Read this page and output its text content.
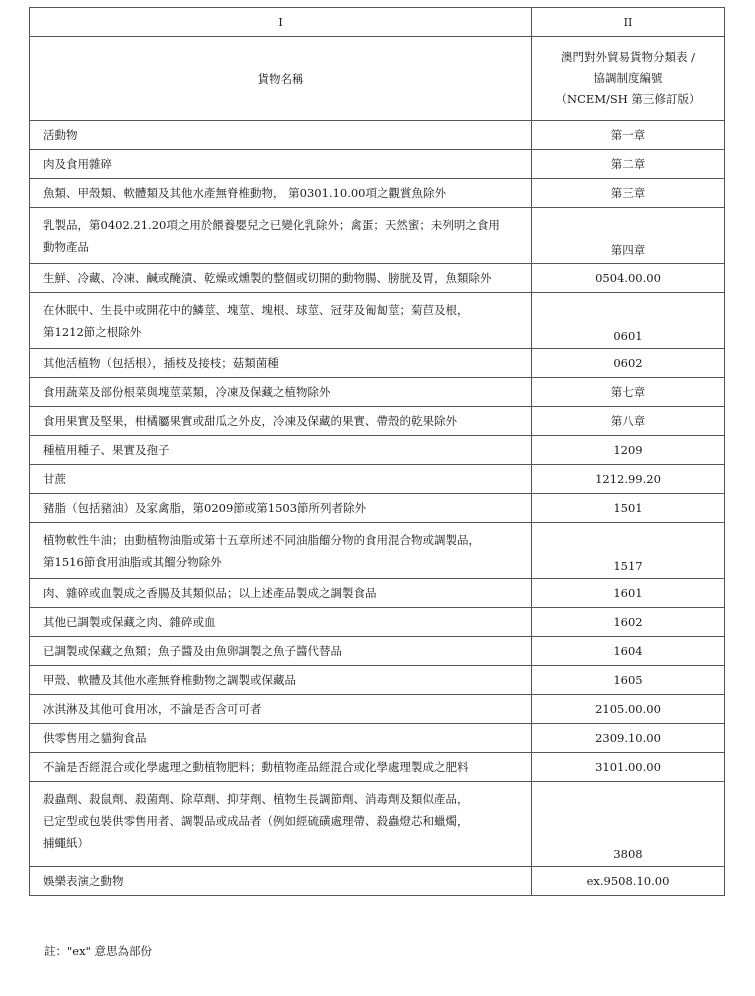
I	II
貨物名稱	澳門對外貿易貨物分類表 /
協調制度編號
（NCEM/SH 第三修訂版）

活動物	第一章

肉及食用雜碎	第二章

魚類、甲殼類、軟體類及其他水產無脊椎動物， 第0301.10.00項之觀賞魚除外	第三章

乳製品，第0402.21.20項之用於餵養嬰兒之已變化乳除外；禽蛋；天然蜜；未列明之食用
動物產品	第四章

生鮮、冷藏、冷凍、鹹或醃漬、乾燥或燻製的整個或切開的動物腸、膀胱及胃，魚類除外	0504.00.00

在休眠中、生長中或開花中的鱗莖、塊莖、塊根、球莖、冠芽及匍匐莖；菊苣及根，
第1212節之根除外	0601

其他活植物（包括根），插枝及接枝；菇類菌種	0602

食用蔬菜及部份根菜與塊莖菜類，冷凍及保藏之植物除外	第七章

食用果實及堅果，柑橘屬果實或甜瓜之外皮，冷凍及保藏的果實、帶殼的乾果除外	第八章

種植用種子、果實及孢子	1209

甘蔗	1212.99.20

豬脂（包括豬油）及家禽脂，第0209節或第1503節所列者除外	1501

植物軟性牛油；由動植物油脂或第十五章所述不同油脂餾分物的食用混合物或調製品，
第1516節食用油脂或其餾分物除外	1517

肉、雜碎或血製成之香腸及其類似品；以上述產品製成之調製食品	1601

其他已調製或保藏之肉、雜碎或血	1602

已調製或保藏之魚類；魚子醬及由魚卵調製之魚子醬代替品	1604

甲殼、軟體及其他水產無脊椎動物之調製或保藏品	1605

冰淇淋及其他可食用冰，不論是否含可可者	2105.00.00

供零售用之貓狗食品	2309.10.00

不論是否經混合或化學處理之動植物肥料；動植物產品經混合或化學處理製成之肥料	3101.00.00

殺蟲劑、殺鼠劑、殺菌劑、除草劑、抑芽劑、植物生長調節劑、消毒劑及類似產品，
已定型或包裝供零售用者、調製品或成品者（例如經硫磺處理帶、殺蟲燈芯和蠟燭，
捕蠅紙）	3808

娛樂表演之動物	ex.9508.10.00
註："ex" 意思為部份
